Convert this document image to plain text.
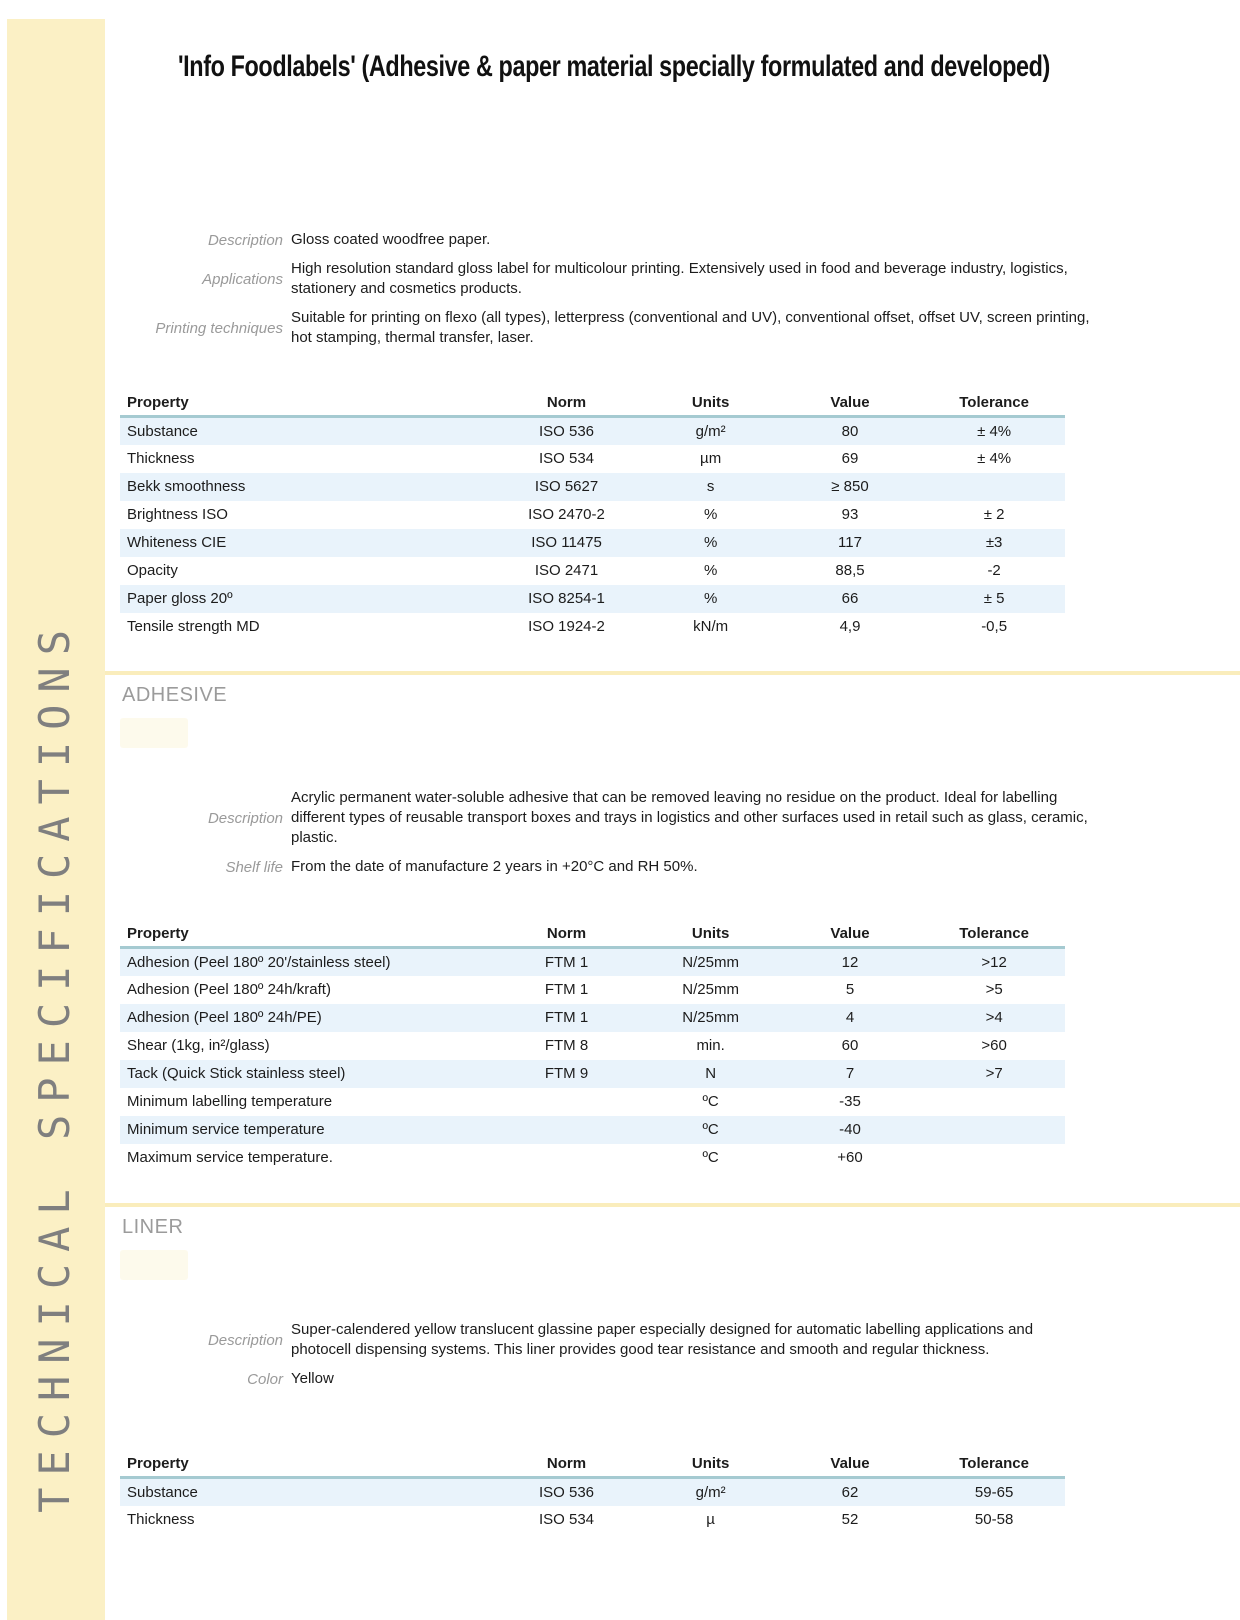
TECHNICAL SPECIFICATIONS
'Info Foodlabels' (Adhesive & paper material specially formulated and developed)
Description Gloss coated woodfree paper.
Applications
High resolution standard gloss label for multicolour printing. Extensively used in food and beverage industry, logistics, stationery and cosmetics products.
Printing techniques
Suitable for printing on flexo (all types), letterpress (conventional and UV), conventional offset, offset UV, screen printing, hot stamping, thermal transfer, laser.
Property	Norm	Units	Value	Tolerance
Substance	ISO 536	g/m²	80	± 4%
Thickness	ISO 534	µm	69	± 4%
Bekk smoothness	ISO 5627	s	≥ 850	
Brightness ISO	ISO 2470-2	%	93	± 2
Whiteness CIE	ISO 11475	%	117	±3
Opacity	ISO 2471	%	88,5	-2
Paper gloss 20º	ISO 8254-1	%	66	± 5
Tensile strength MD	ISO 1924-2	kN/m	4,9	-0,5
ADHESIVE
Description
Acrylic permanent water-soluble adhesive that can be removed leaving no residue on the product. Ideal for labelling different types of reusable transport boxes and trays in logistics and other surfaces used in retail such as glass, ceramic, plastic.
Shelf life From the date of manufacture 2 years in +20°C and RH 50%.
Property	Norm	Units	Value	Tolerance
Adhesion (Peel 180º 20'/stainless steel)	FTM 1	N/25mm	12	>12
Adhesion (Peel 180º 24h/kraft)	FTM 1	N/25mm	5	>5
Adhesion (Peel 180º 24h/PE)	FTM 1	N/25mm	4	>4
Shear (1kg, in²/glass)	FTM 8	min.	60	>60
Tack (Quick Stick stainless steel)	FTM 9	N	7	>7
Minimum labelling temperature		ºC	-35	
Minimum service temperature		ºC	-40	
Maximum service temperature.		ºC	+60	
LINER
Description
Super-calendered yellow translucent glassine paper especially designed for automatic labelling applications and photocell dispensing systems. This liner provides good tear resistance and smooth and regular thickness.
Color Yellow
Property	Norm	Units	Value	Tolerance
Substance	ISO 536	g/m²	62	59-65
Thickness	ISO 534	µ	52	50-58
